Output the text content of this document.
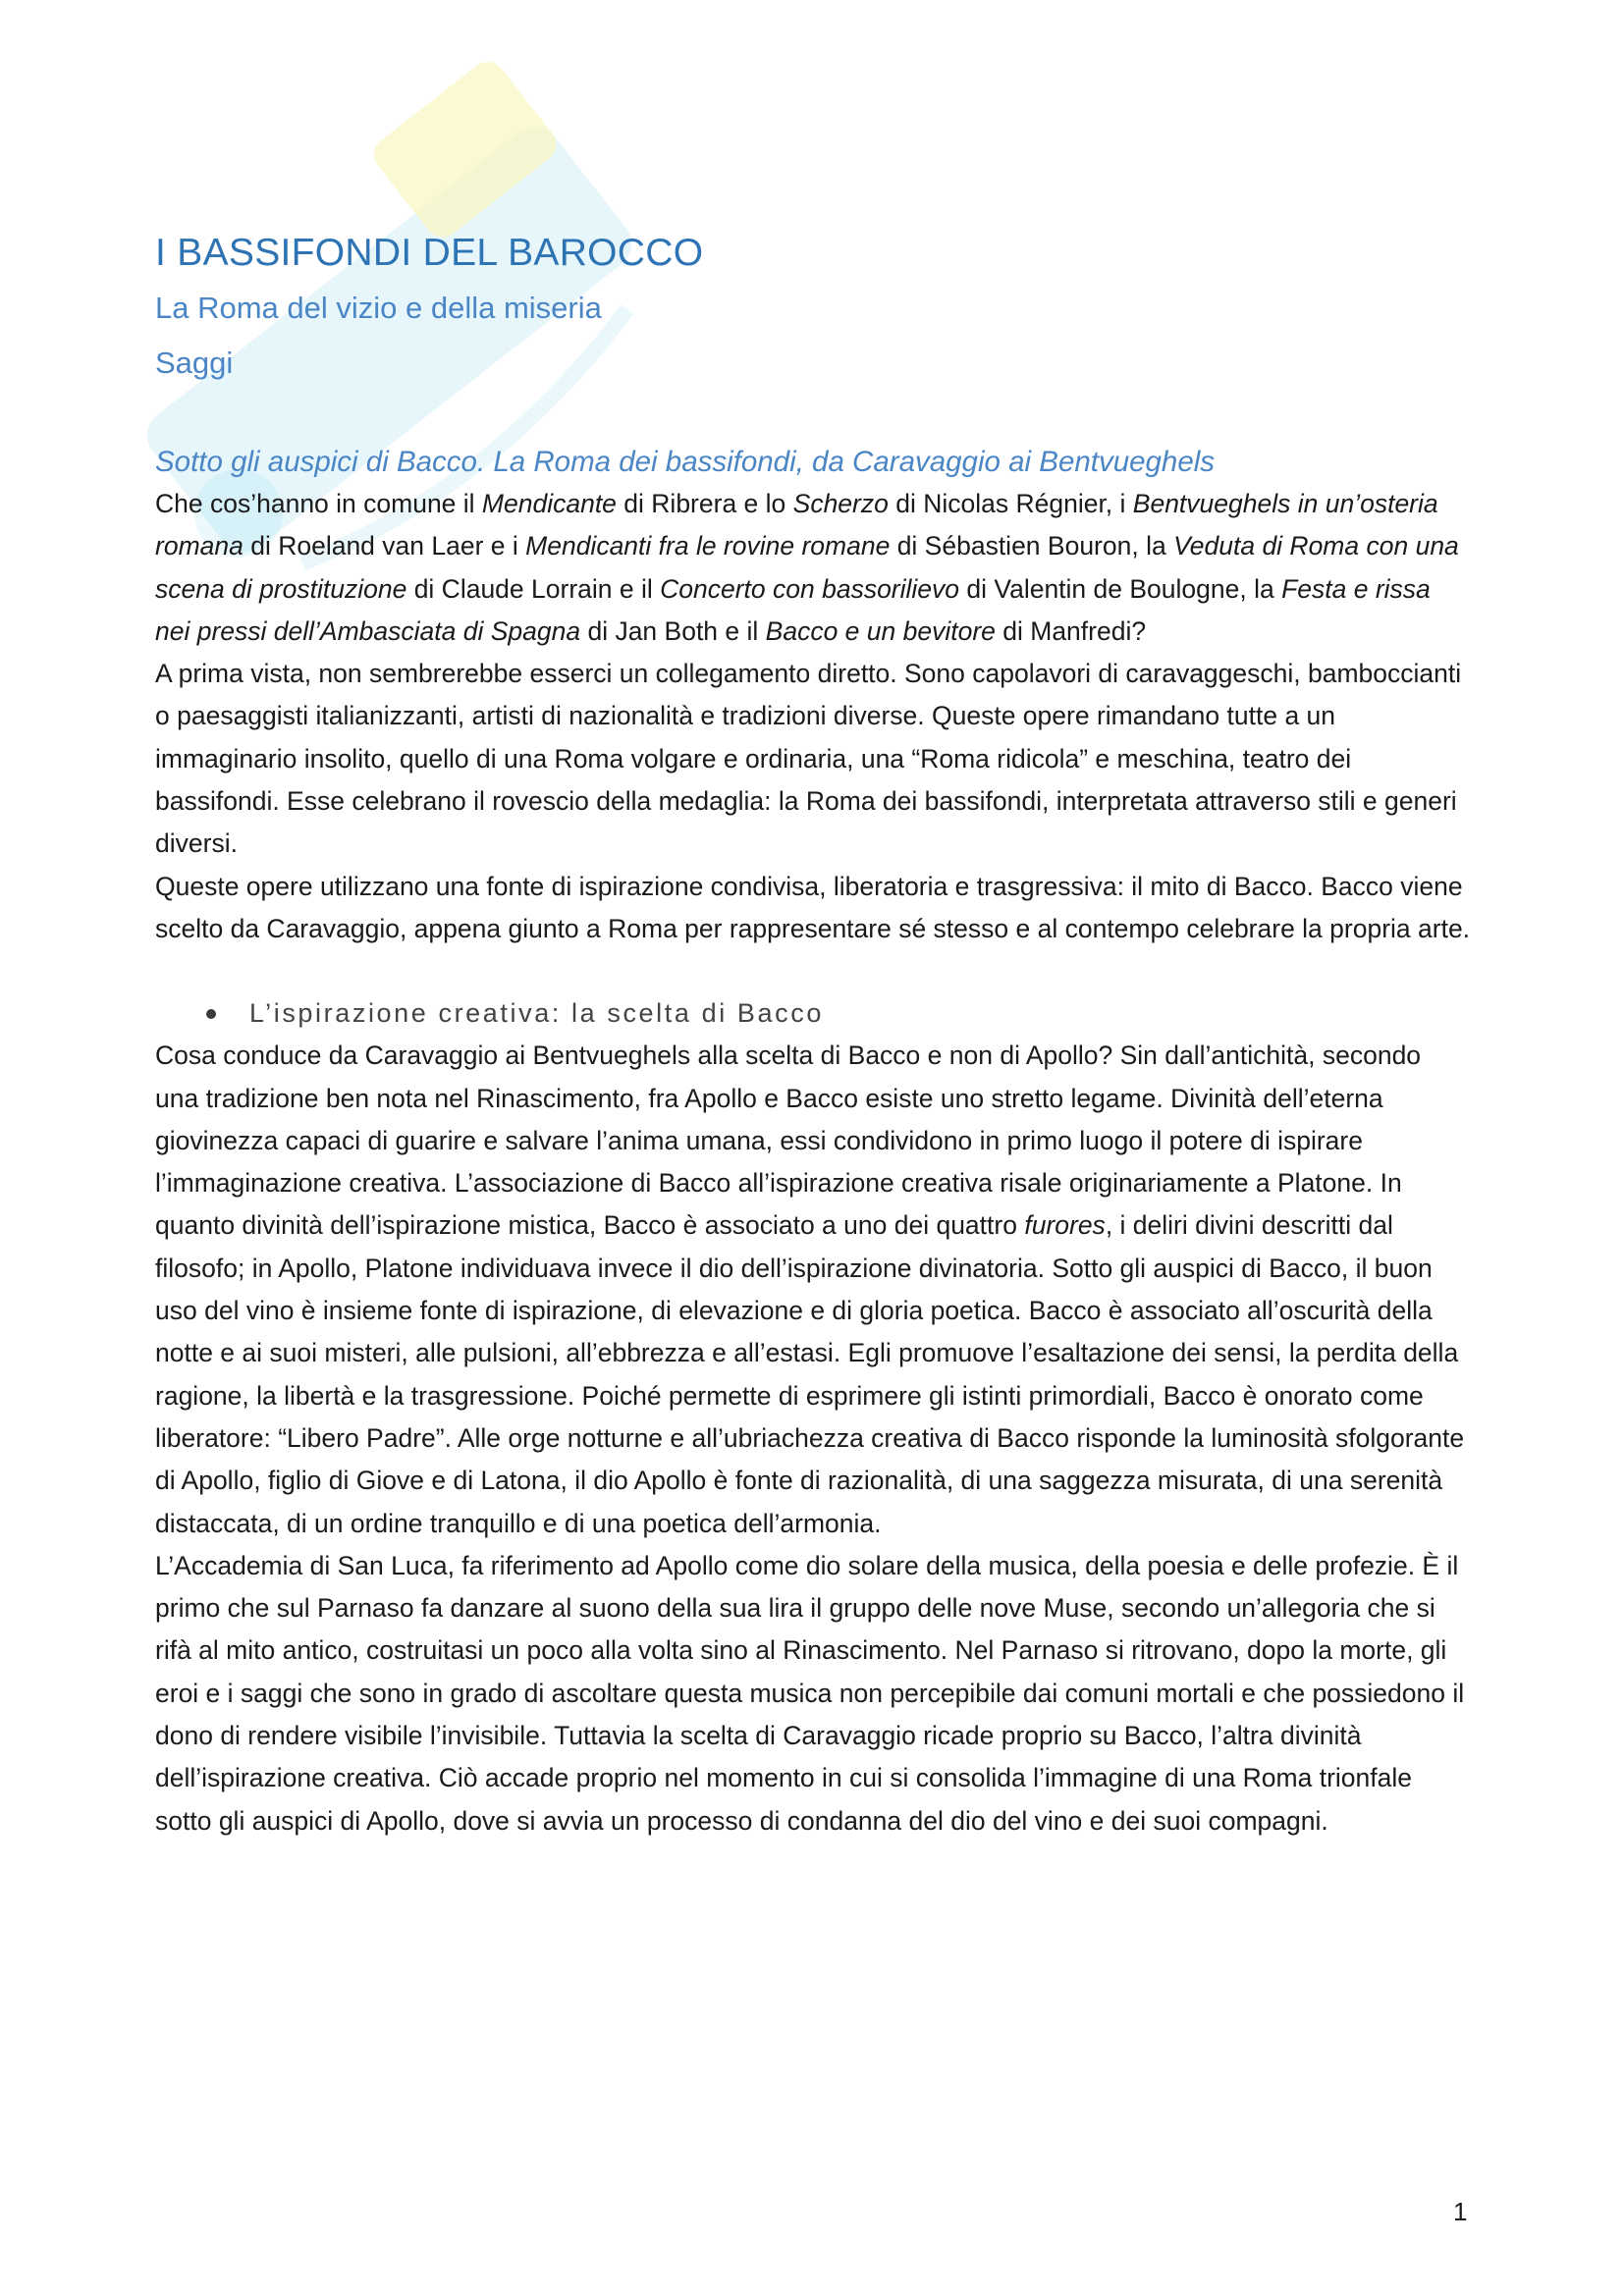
I BASSIFONDI DEL BAROCCO

La Roma del vizio e della miseria

Saggi

Sotto gli auspici di Bacco. La Roma dei bassifondi, da Caravaggio ai Bentvueghels

Che cos’hanno in comune il Mendicante di Ribrera e lo Scherzo di Nicolas Régnier, i Bentvueghels in un’osteria romana di Roeland van Laer e i Mendicanti fra le rovine romane di Sébastien Bouron, la Veduta di Roma con una scena di prostituzione di Claude Lorrain e il Concerto con bassorilievo di Valentin de Boulogne, la Festa e rissa nei pressi dell’Ambasciata di Spagna di Jan Both e il Bacco e un bevitore di Manfredi?

A prima vista, non sembrerebbe esserci un collegamento diretto. Sono capolavori di caravaggeschi, bamboccianti o paesaggisti italianizzanti, artisti di nazionalità e tradizioni diverse. Queste opere rimandano tutte a un immaginario insolito, quello di una Roma volgare e ordinaria, una “Roma ridicola” e meschina, teatro dei bassifondi. Esse celebrano il rovescio della medaglia: la Roma dei bassifondi, interpretata attraverso stili e generi diversi.

Queste opere utilizzano una fonte di ispirazione condivisa, liberatoria e trasgressiva: il mito di Bacco. Bacco viene scelto da Caravaggio, appena giunto a Roma per rappresentare sé stesso e al contempo celebrare la propria arte.

L’ispirazione creativa: la scelta di Bacco

Cosa conduce da Caravaggio ai Bentvueghels alla scelta di Bacco e non di Apollo? Sin dall’antichità, secondo una tradizione ben nota nel Rinascimento, fra Apollo e Bacco esiste uno stretto legame. Divinità dell’eterna giovinezza capaci di guarire e salvare l’anima umana, essi condividono in primo luogo il potere di ispirare l’immaginazione creativa. L’associazione di Bacco all’ispirazione creativa risale originariamente a Platone. In quanto divinità dell’ispirazione mistica, Bacco è associato a uno dei quattro furores, i deliri divini descritti dal filosofo; in Apollo, Platone individuava invece il dio dell’ispirazione divinatoria. Sotto gli auspici di Bacco, il buon uso del vino è insieme fonte di ispirazione, di elevazione e di gloria poetica. Bacco è associato all’oscurità della notte e ai suoi misteri, alle pulsioni, all’ebbrezza e all’estasi. Egli promuove l’esaltazione dei sensi, la perdita della ragione, la libertà e la trasgressione. Poiché permette di esprimere gli istinti primordiali, Bacco è onorato come liberatore: “Libero Padre”. Alle orge notturne e all’ubriachezza creativa di Bacco risponde la luminosità sfolgorante di Apollo, figlio di Giove e di Latona, il dio Apollo è fonte di razionalità, di una saggezza misurata, di una serenità distaccata, di un ordine tranquillo e di una poetica dell’armonia.

L’Accademia di San Luca, fa riferimento ad Apollo come dio solare della musica, della poesia e delle profezie. È il primo che sul Parnaso fa danzare al suono della sua lira il gruppo delle nove Muse, secondo un’allegoria che si rifà al mito antico, costruitasi un poco alla volta sino al Rinascimento. Nel Parnaso si ritrovano, dopo la morte, gli eroi e i saggi che sono in grado di ascoltare questa musica non percepibile dai comuni mortali e che possiedono il dono di rendere visibile l’invisibile. Tuttavia la scelta di Caravaggio ricade proprio su Bacco, l’altra divinità dell’ispirazione creativa. Ciò accade proprio nel momento in cui si consolida l’immagine di una Roma trionfale sotto gli auspici di Apollo, dove si avvia un processo di condanna del dio del vino e dei suoi compagni.

1
